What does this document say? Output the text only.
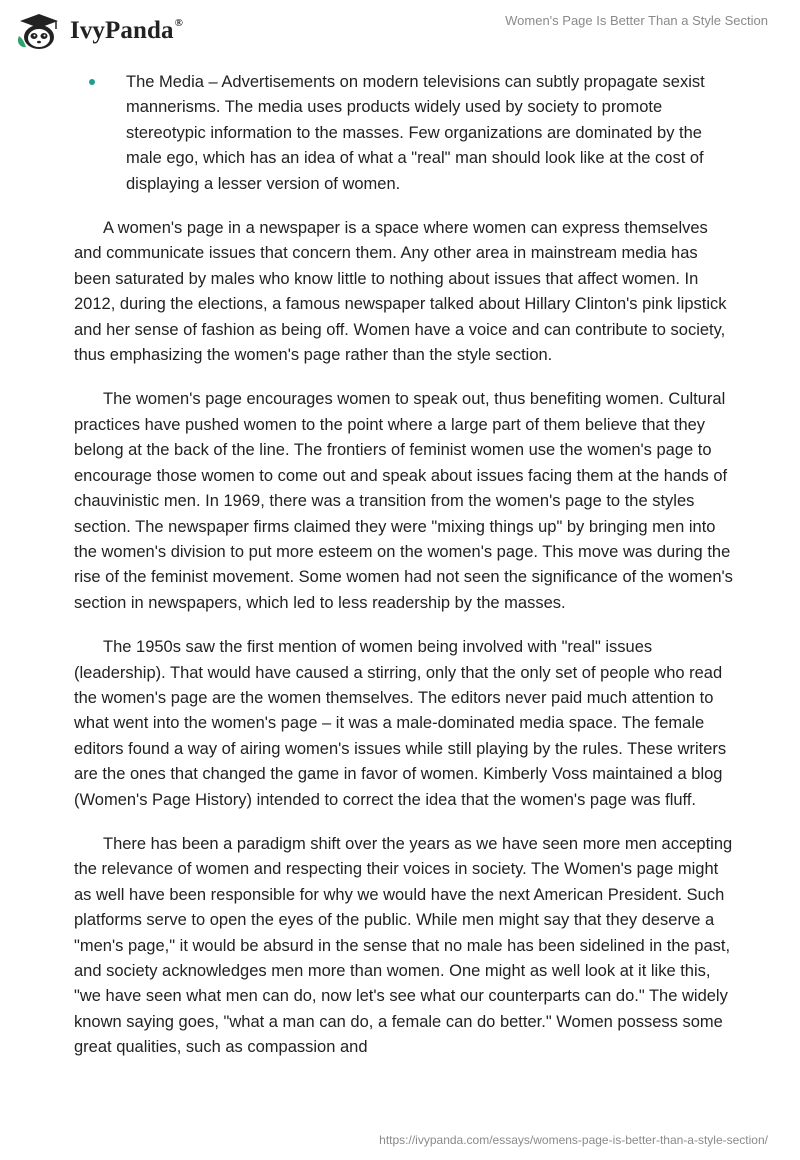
IvyPanda®	Women's Page Is Better Than a Style Section

The Media – Advertisements on modern televisions can subtly propagate sexist mannerisms. The media uses products widely used by society to promote stereotypic information to the masses. Few organizations are dominated by the male ego, which has an idea of what a "real" man should look like at the cost of displaying a lesser version of women.

A women's page in a newspaper is a space where women can express themselves and communicate issues that concern them. Any other area in mainstream media has been saturated by males who know little to nothing about issues that affect women. In 2012, during the elections, a famous newspaper talked about Hillary Clinton's pink lipstick and her sense of fashion as being off. Women have a voice and can contribute to society, thus emphasizing the women's page rather than the style section.

The women's page encourages women to speak out, thus benefiting women. Cultural practices have pushed women to the point where a large part of them believe that they belong at the back of the line. The frontiers of feminist women use the women's page to encourage those women to come out and speak about issues facing them at the hands of chauvinistic men. In 1969, there was a transition from the women's page to the styles section. The newspaper firms claimed they were "mixing things up" by bringing men into the women's division to put more esteem on the women's page. This move was during the rise of the feminist movement. Some women had not seen the significance of the women's section in newspapers, which led to less readership by the masses.

The 1950s saw the first mention of women being involved with "real" issues (leadership). That would have caused a stirring, only that the only set of people who read the women's page are the women themselves. The editors never paid much attention to what went into the women's page – it was a male-dominated media space. The female editors found a way of airing women's issues while still playing by the rules. These writers are the ones that changed the game in favor of women. Kimberly Voss maintained a blog (Women's Page History) intended to correct the idea that the women's page was fluff.

There has been a paradigm shift over the years as we have seen more men accepting the relevance of women and respecting their voices in society. The Women's page might as well have been responsible for why we would have the next American President. Such platforms serve to open the eyes of the public. While men might say that they deserve a "men's page," it would be absurd in the sense that no male has been sidelined in the past, and society acknowledges men more than women. One might as well look at it like this, "we have seen what men can do, now let's see what our counterparts can do." The widely known saying goes, "what a man can do, a female can do better." Women possess some great qualities, such as compassion and

https://ivypanda.com/essays/womens-page-is-better-than-a-style-section/
